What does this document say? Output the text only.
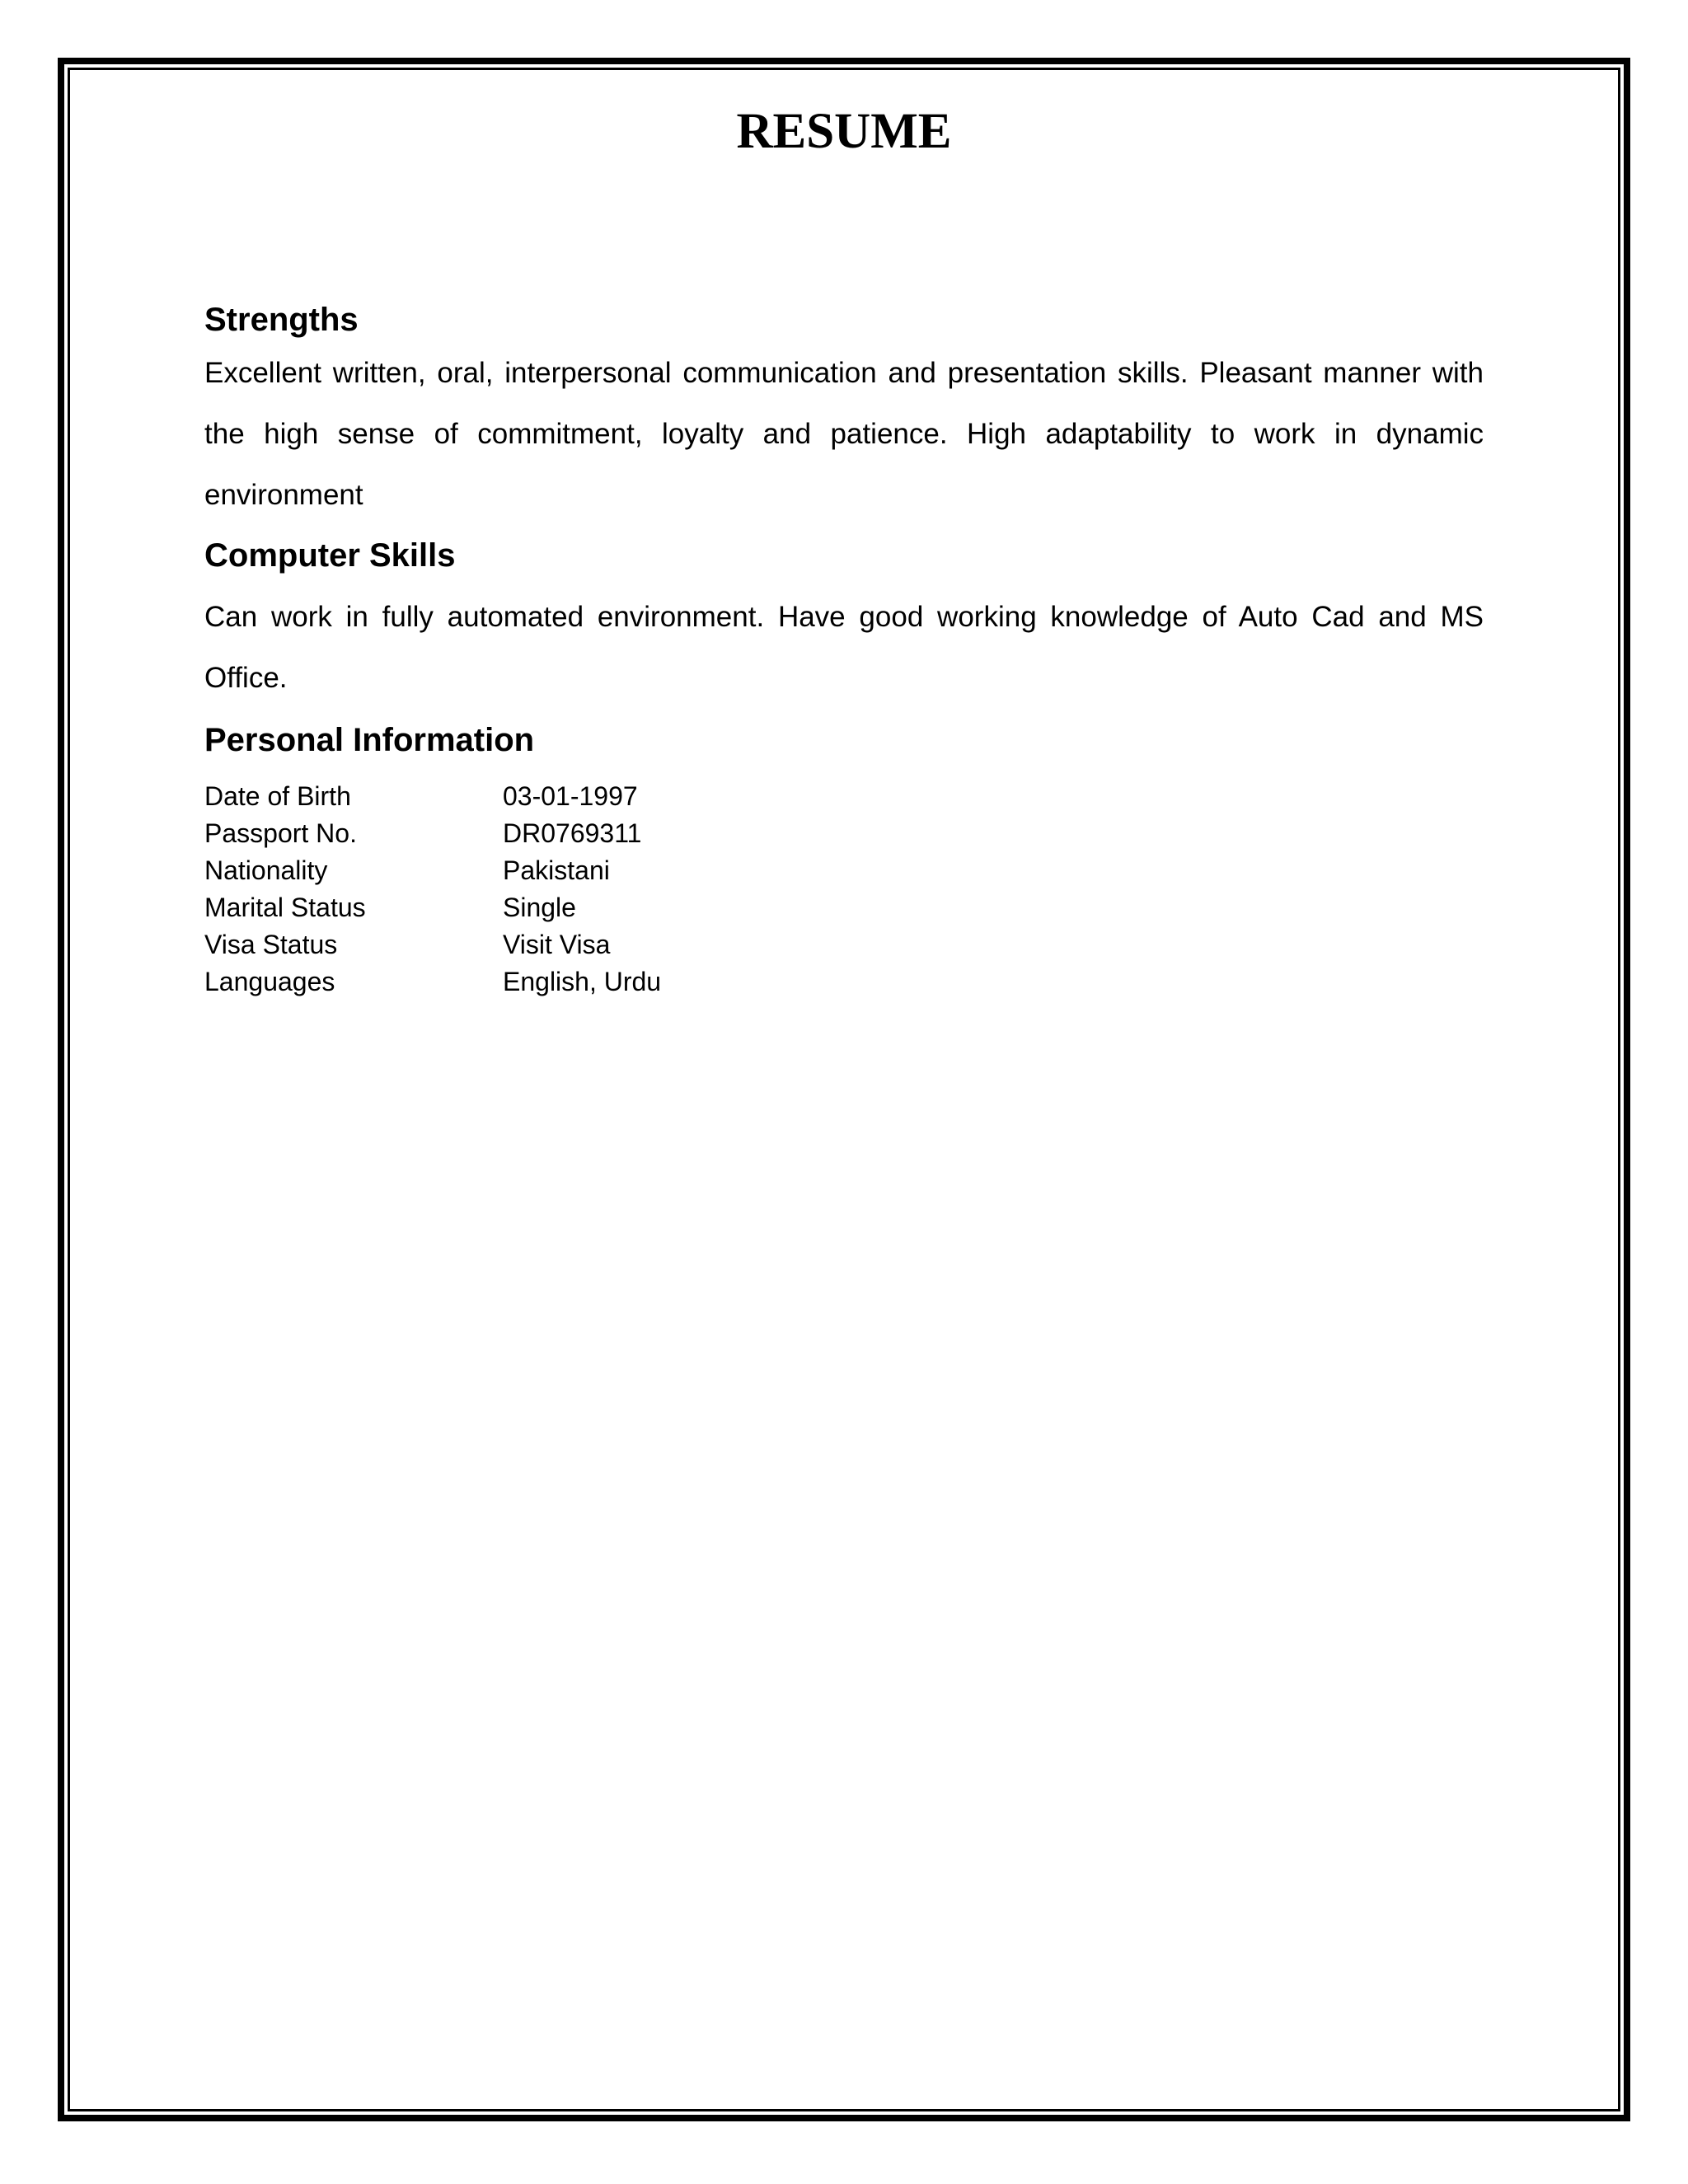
RESUME
Strengths

Excellent written, oral, interpersonal communication and presentation skills. Pleasant manner with the high sense of commitment, loyalty and patience. High adaptability to work in dynamic environment

Computer Skills

Can work in fully automated environment. Have good working knowledge of Auto Cad and MS Office.

Personal Information
Date of Birth	03-01-1997
Passport No.	DR0769311
Nationality	Pakistani
Marital Status	Single
Visa Status	Visit Visa
Languages	English, Urdu
